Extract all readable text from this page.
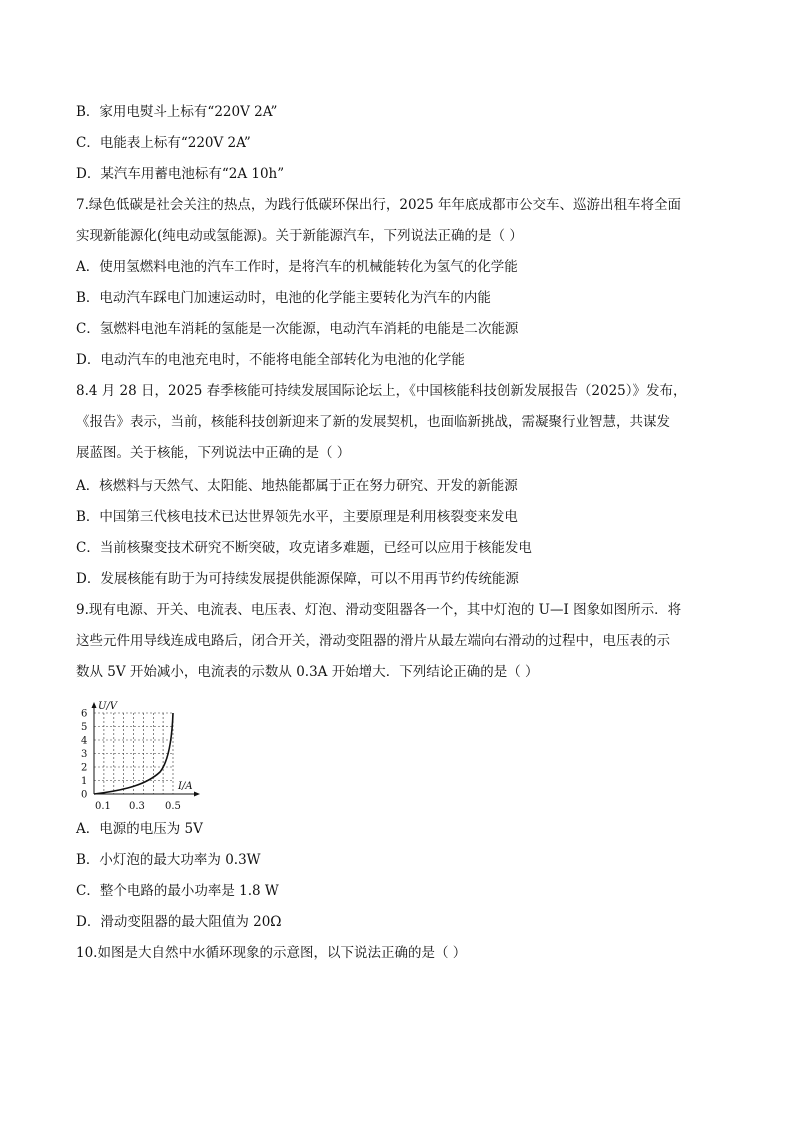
B．家用电熨斗上标有“220V 2A”
C．电能表上标有“220V 2A”
D．某汽车用蓄电池标有“2A 10h”
7.绿色低碳是社会关注的热点，为践行低碳环保出行，2025 年年底成都市公交车、巡游出租车将全面
实现新能源化(纯电动或氢能源)。关于新能源汽车，下列说法正确的是（ ）
A．使用氢燃料电池的汽车工作时，是将汽车的机械能转化为氢气的化学能
B．电动汽车踩电门加速运动时，电池的化学能主要转化为汽车的内能
C．氢燃料电池车消耗的氢能是一次能源，电动汽车消耗的电能是二次能源
D．电动汽车的电池充电时，不能将电能全部转化为电池的化学能
8.4 月 28 日，2025 春季核能可持续发展国际论坛上，《中国核能科技创新发展报告（2025）》发布，
《报告》表示，当前，核能科技创新迎来了新的发展契机，也面临新挑战，需凝聚行业智慧，共谋发
展蓝图。关于核能，下列说法中正确的是（ ）
A．核燃料与天然气、太阳能、地热能都属于正在努力研究、开发的新能源
B．中国第三代核电技术已达世界领先水平，主要原理是利用核裂变来发电
C．当前核聚变技术研究不断突破，攻克诸多难题，已经可以应用于核能发电
D．发展核能有助于为可持续发展提供能源保障，可以不用再节约传统能源
9.现有电源、开关、电流表、电压表、灯泡、滑动变阻器各一个，其中灯泡的 U—I 图象如图所示．将
这些元件用导线连成电路后，闭合开关，滑动变阻器的滑片从最左端向右滑动的过程中，电压表的示
数从 5V 开始减小，电流表的示数从 0.3A 开始增大．下列结论正确的是（ ）
U/V
I/A
6
5
4
3
2
1
0
0.1 0.3 0.5
A．电源的电压为 5V
B．小灯泡的最大功率为 0.3W
C．整个电路的最小功率是 1.8 W
D．滑动变阻器的最大阻值为 20Ω
10.如图是大自然中水循环现象的示意图，以下说法正确的是（ ）
